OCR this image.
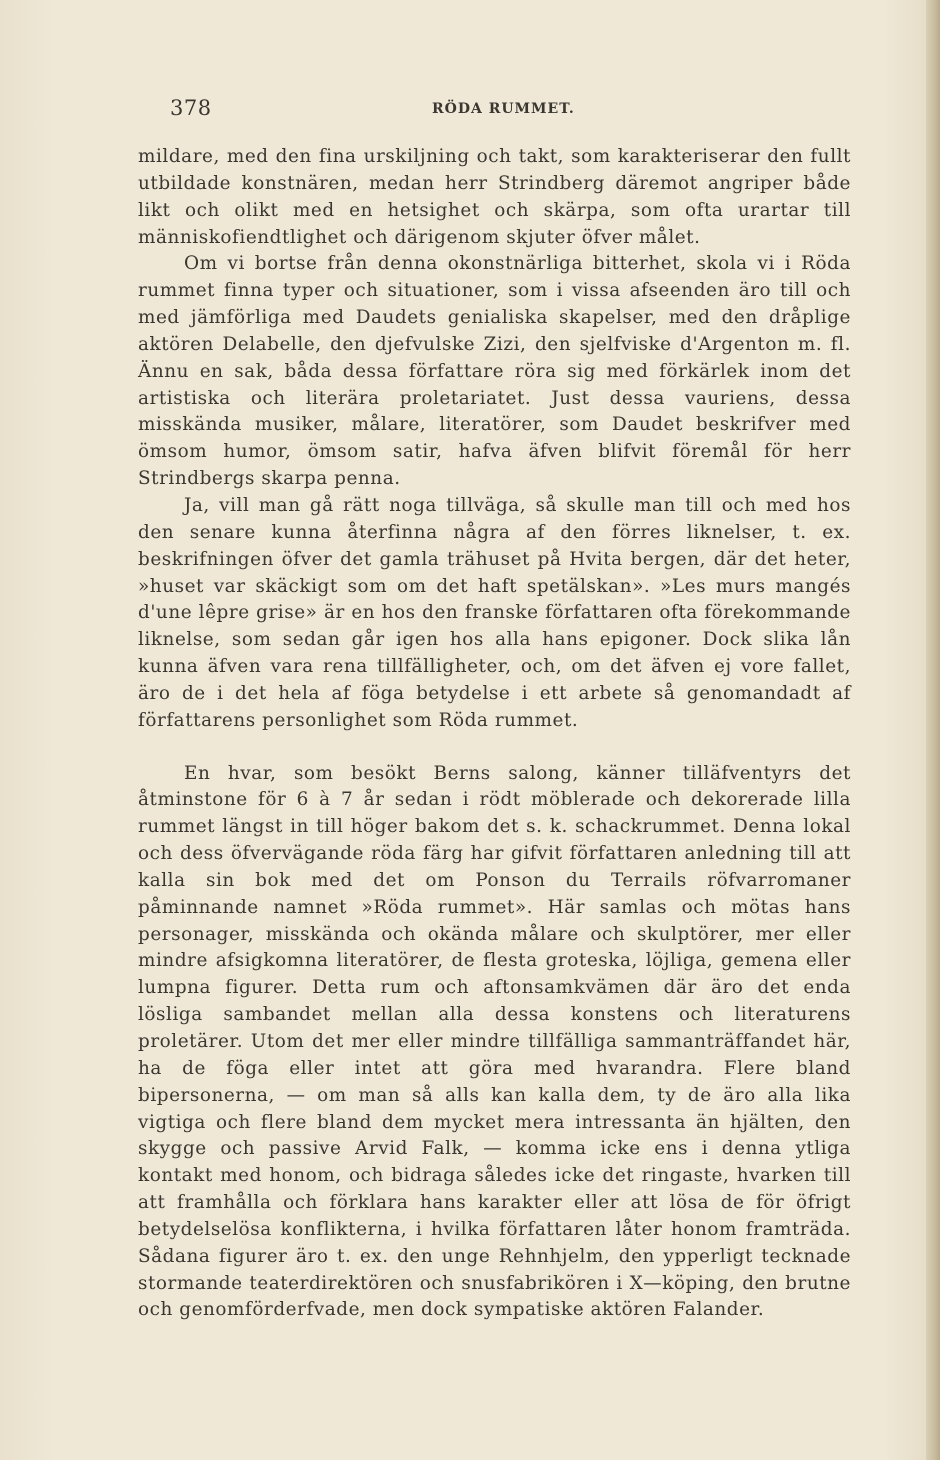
378	RÖDA RUMMET.

mildare, med den fina urskiljning och takt, som karakteriserar den fullt utbildade konstnären, medan herr Strindberg däremot angriper både likt och olikt med en hetsighet och skärpa, som ofta urartar till människofiendtlighet och därigenom skjuter öfver målet.

Om vi bortse från denna okonstnärliga bitterhet, skola vi i Röda rummet finna typer och situationer, som i vissa afseenden äro till och med jämförliga med Daudets genialiska skapelser, med den dråplige aktören Delabelle, den djefvulske Zizi, den sjelfviske d'Argenton m. fl. Ännu en sak, båda dessa författare röra sig med förkärlek inom det artistiska och literära proletariatet. Just dessa vauriens, dessa misskända musiker, målare, literatörer, som Daudet beskrifver med ömsom humor, ömsom satir, hafva äfven blifvit föremål för herr Strindbergs skarpa penna.

Ja, vill man gå rätt noga tillväga, så skulle man till och med hos den senare kunna återfinna några af den förres liknelser, t. ex. beskrifningen öfver det gamla trähuset på Hvita bergen, där det heter, »huset var skäckigt som om det haft spetälskan». »Les murs mangés d'une lêpre grise» är en hos den franske författaren ofta förekommande liknelse, som sedan går igen hos alla hans epigoner. Dock slika lån kunna äfven vara rena tillfälligheter, och, om det äfven ej vore fallet, äro de i det hela af föga betydelse i ett arbete så genomandadt af författarens personlighet som Röda rummet.

En hvar, som besökt Berns salong, känner tilläfventyrs det åtminstone för 6 à 7 år sedan i rödt möblerade och dekorerade lilla rummet längst in till höger bakom det s. k. schackrummet. Denna lokal och dess öfvervägande röda färg har gifvit författaren anledning till att kalla sin bok med det om Ponson du Terrails röfvarromaner påminnande namnet »Röda rummet». Här samlas och mötas hans personager, misskända och okända målare och skulptörer, mer eller mindre afsigkomna literatörer, de flesta groteska, löjliga, gemena eller lumpna figurer. Detta rum och aftonsamkvämen där äro det enda lösliga sambandet mellan alla dessa konstens och literaturens proletärer. Utom det mer eller mindre tillfälliga sammanträffandet här, ha de föga eller intet att göra med hvarandra. Flere bland bipersonerna, — om man så alls kan kalla dem, ty de äro alla lika vigtiga och flere bland dem mycket mera intressanta än hjälten, den skygge och passive Arvid Falk, — komma icke ens i denna ytliga kontakt med honom, och bidraga således icke det ringaste, hvarken till att framhålla och förklara hans karakter eller att lösa de för öfrigt betydelselösa konflikterna, i hvilka författaren låter honom framträda. Sådana figurer äro t. ex. den unge Rehnhjelm, den ypperligt tecknade stormande teaterdirektören och snusfabrikören i X—köping, den brutne och genomförderfvade, men dock sympatiske aktören Falander.
